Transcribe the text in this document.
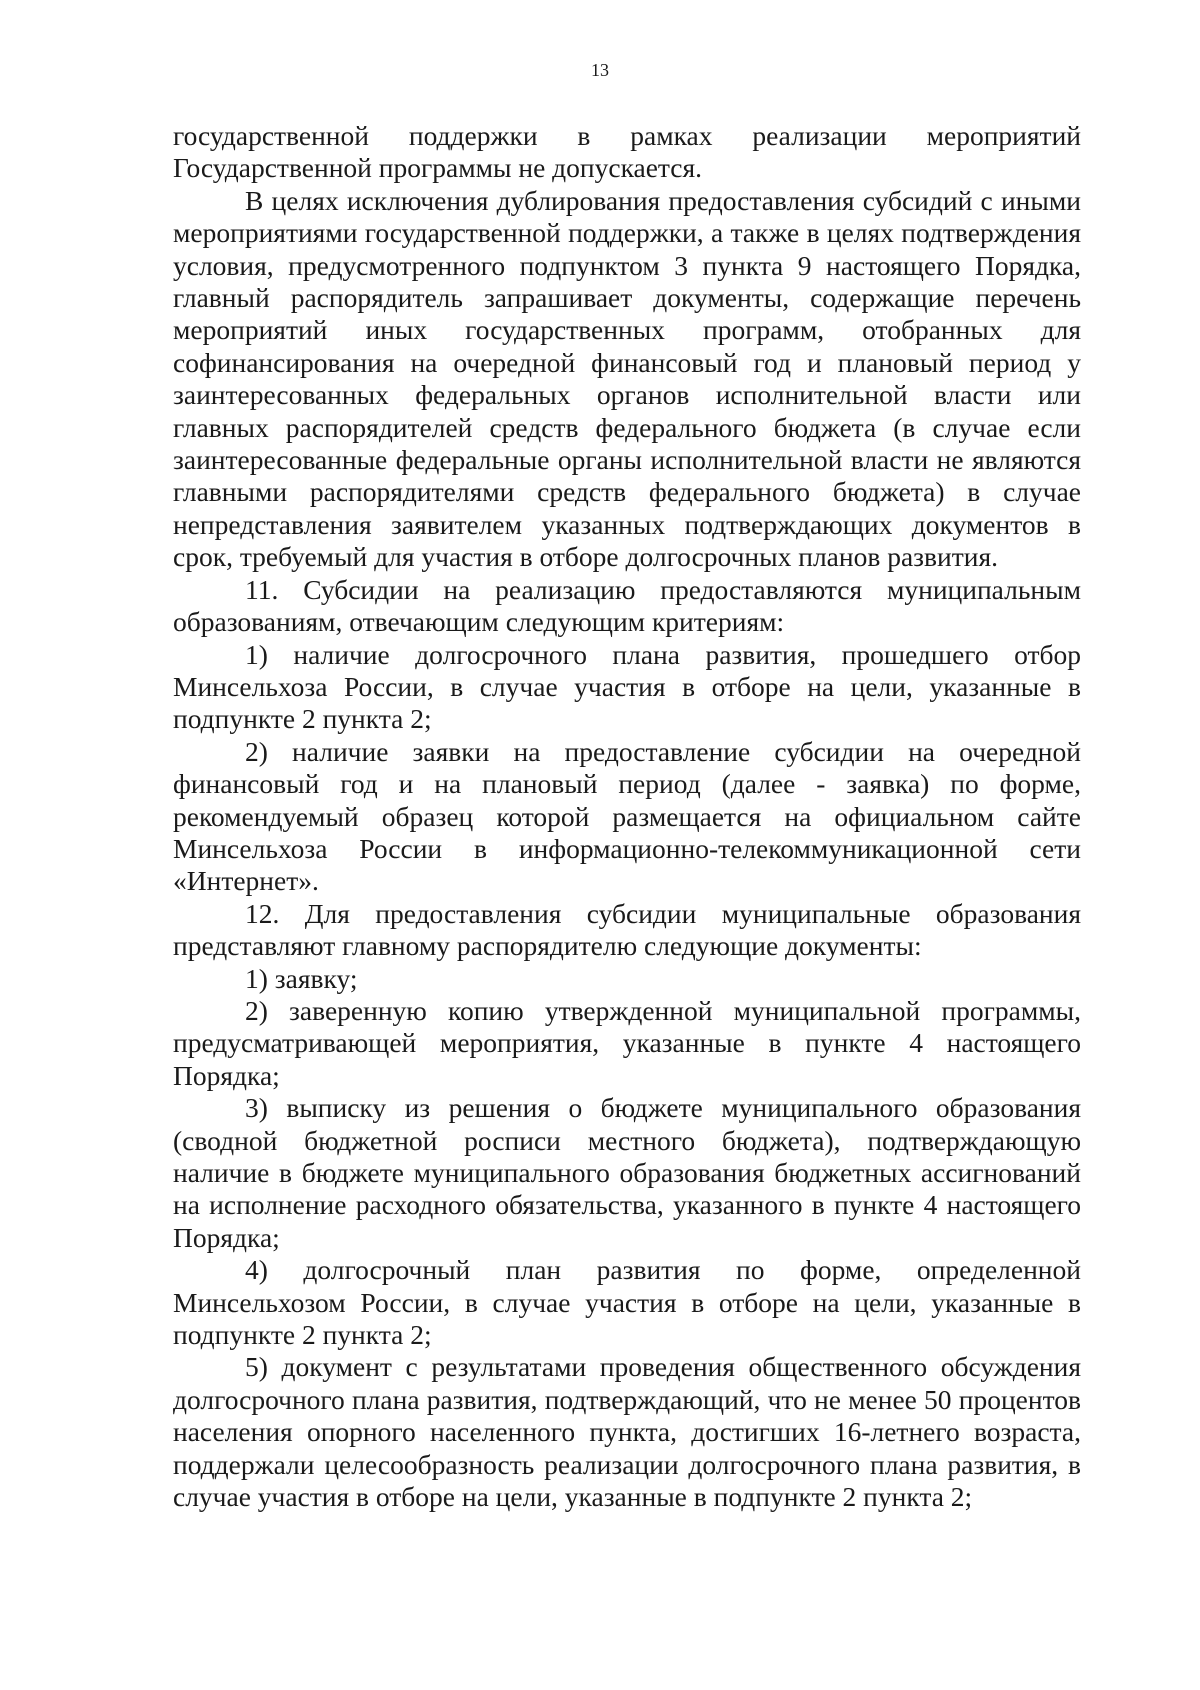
13

государственной поддержки в рамках реализации мероприятий Государственной программы не допускается.

В целях исключения дублирования предоставления субсидий с иными мероприятиями государственной поддержки, а также в целях подтверждения условия, предусмотренного подпунктом 3 пункта 9 настоящего Порядка, главный распорядитель запрашивает документы, содержащие перечень мероприятий иных государственных программ, отобранных для софинансирования на очередной финансовый год и плановый период у заинтересованных федеральных органов исполнительной власти или главных распорядителей средств федерального бюджета (в случае если заинтересованные федеральные органы исполнительной власти не являются главными распорядителями средств федерального бюджета) в случае непредставления заявителем указанных подтверждающих документов в срок, требуемый для участия в отборе долгосрочных планов развития.

11. Субсидии на реализацию предоставляются муниципальным образованиям, отвечающим следующим критериям:

1) наличие долгосрочного плана развития, прошедшего отбор Минсельхоза России, в случае участия в отборе на цели, указанные в подпункте 2 пункта 2;

2) наличие заявки на предоставление субсидии на очередной финансовый год и на плановый период (далее - заявка) по форме, рекомендуемый образец которой размещается на официальном сайте Минсельхоза России в информационно-телекоммуникационной сети «Интернет».

12. Для предоставления субсидии муниципальные образования представляют главному распорядителю следующие документы:

1) заявку;

2) заверенную копию утвержденной муниципальной программы, предусматривающей мероприятия, указанные в пункте 4 настоящего Порядка;

3) выписку из решения о бюджете муниципального образования (сводной бюджетной росписи местного бюджета), подтверждающую наличие в бюджете муниципального образования бюджетных ассигнований на исполнение расходного обязательства, указанного в пункте 4 настоящего Порядка;

4) долгосрочный план развития по форме, определенной Минсельхозом России, в случае участия в отборе на цели, указанные в подпункте 2 пункта 2;

5) документ с результатами проведения общественного обсуждения долгосрочного плана развития, подтверждающий, что не менее 50 процентов населения опорного населенного пункта, достигших 16-летнего возраста, поддержали целесообразность реализации долгосрочного плана развития, в случае участия в отборе на цели, указанные в подпункте 2 пункта 2;
